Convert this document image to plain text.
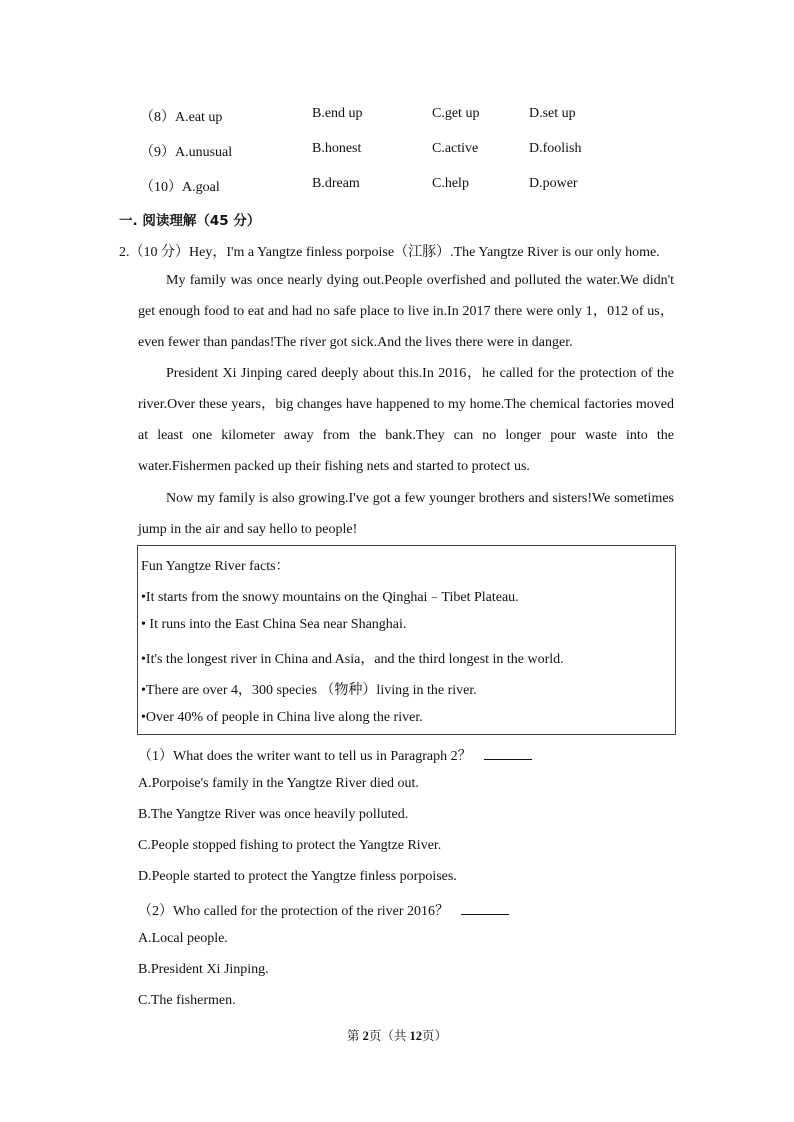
（8）A.eat up	B.end up	C.get up	D.set up
（9）A.unusual	B.honest	C.active	D.foolish
（10）A.goal	B.dream	C.help	D.power
一. 阅读理解（45 分）
2.（10 分）Hey，I'm a Yangtze finless porpoise（江豚）.The Yangtze River is our only home.
My family was once nearly dying out.People overfished and polluted the water.We didn't get enough food to eat and had no safe place to live in.In 2017 there were only 1，012 of us，even fewer than pandas!The river got sick.And the lives there were in danger.
President Xi Jinping cared deeply about this.In 2016，he called for the protection of the river.Over these years，big changes have happened to my home.The chemical factories moved at least one kilometer away from the bank.They can no longer pour waste into the water.Fishermen packed up their fishing nets and started to protect us.
Now my family is also growing.I've got a few younger brothers and sisters!We sometimes jump in the air and say hello to people!
Fun Yangtze River facts：
•It starts from the snowy mountains on the Qinghai﹣Tibet Plateau.
• It runs into the East China Sea near Shanghai.
•It's the longest river in China and Asia，and the third longest in the world.
•There are over 4，300 species （物种）living in the river.
•Over 40% of people in China live along the river.
（1）What does the writer want to tell us in Paragraph 2？
A.Porpoise's family in the Yangtze River died out.
B.The Yangtze River was once heavily polluted.
C.People stopped fishing to protect the Yangtze River.
D.People started to protect the Yangtze finless porpoises.
（2）Who called for the protection of the river 2016？
A.Local people.
B.President Xi Jinping.
C.The fishermen.
第 2页（共 12页）
